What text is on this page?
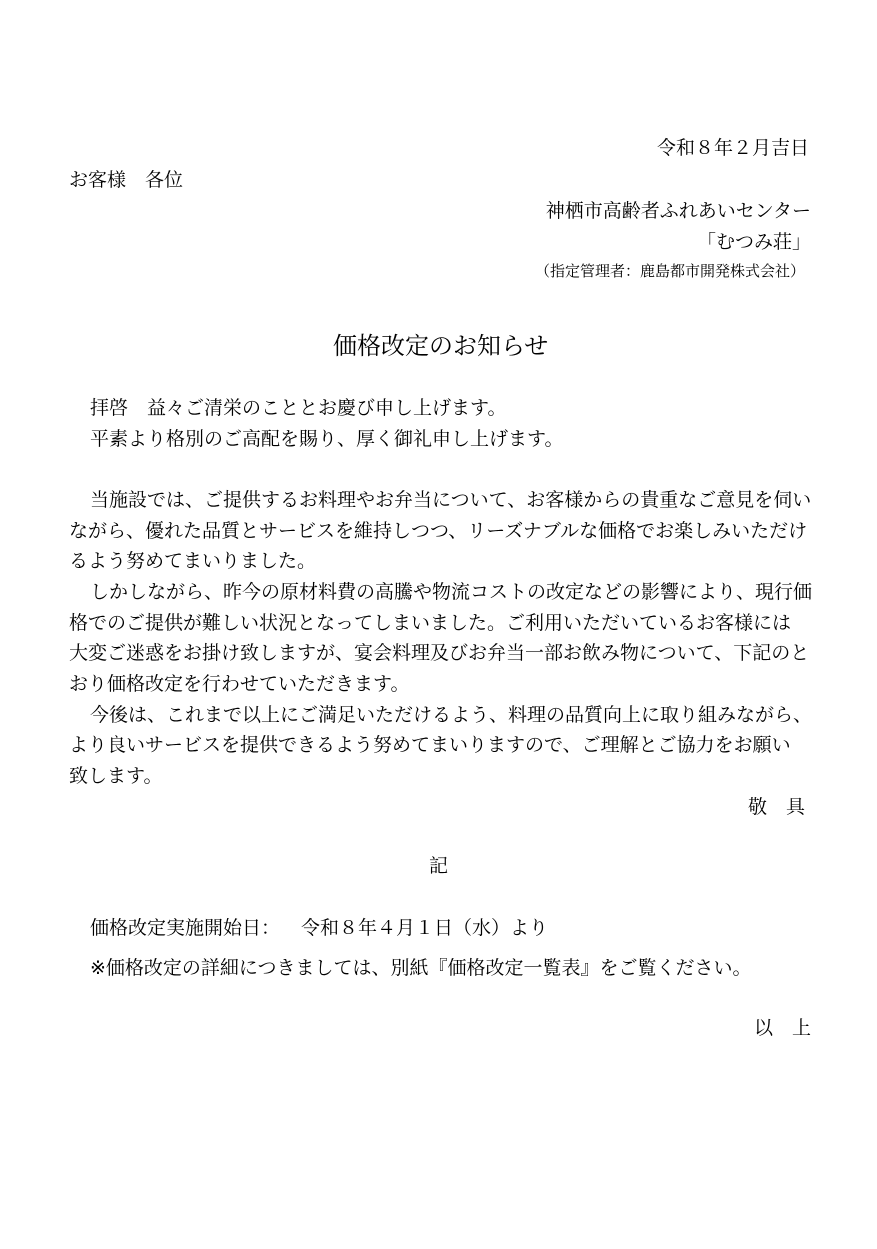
令和８年２月吉日
お客様　各位
神栖市高齢者ふれあいセンター
「むつみ荘」
（指定管理者：鹿島都市開発株式会社）
価格改定のお知らせ
拝啓　益々ご清栄のこととお慶び申し上げます。
平素より格別のご高配を賜り、厚く御礼申し上げます。
当施設では、ご提供するお料理やお弁当について、お客様からの貴重なご意見を伺い
ながら、優れた品質とサービスを維持しつつ、リーズナブルな価格でお楽しみいただけ
るよう努めてまいりました。
しかしながら、昨今の原材料費の高騰や物流コストの改定などの影響により、現行価
格でのご提供が難しい状況となってしまいました。ご利用いただいているお客様には
大変ご迷惑をお掛け致しますが、宴会料理及びお弁当一部お飲み物について、下記のと
おり価格改定を行わせていただきます。
今後は、これまで以上にご満足いただけるよう、料理の品質向上に取り組みながら、
より良いサービスを提供できるよう努めてまいりますので、ご理解とご協力をお願い
致します。
敬　具
記
価格改定実施開始日： 令和８年４月１日（水）より
※価格改定の詳細につきましては、別紙『価格改定一覧表』をご覧ください。
以　上
